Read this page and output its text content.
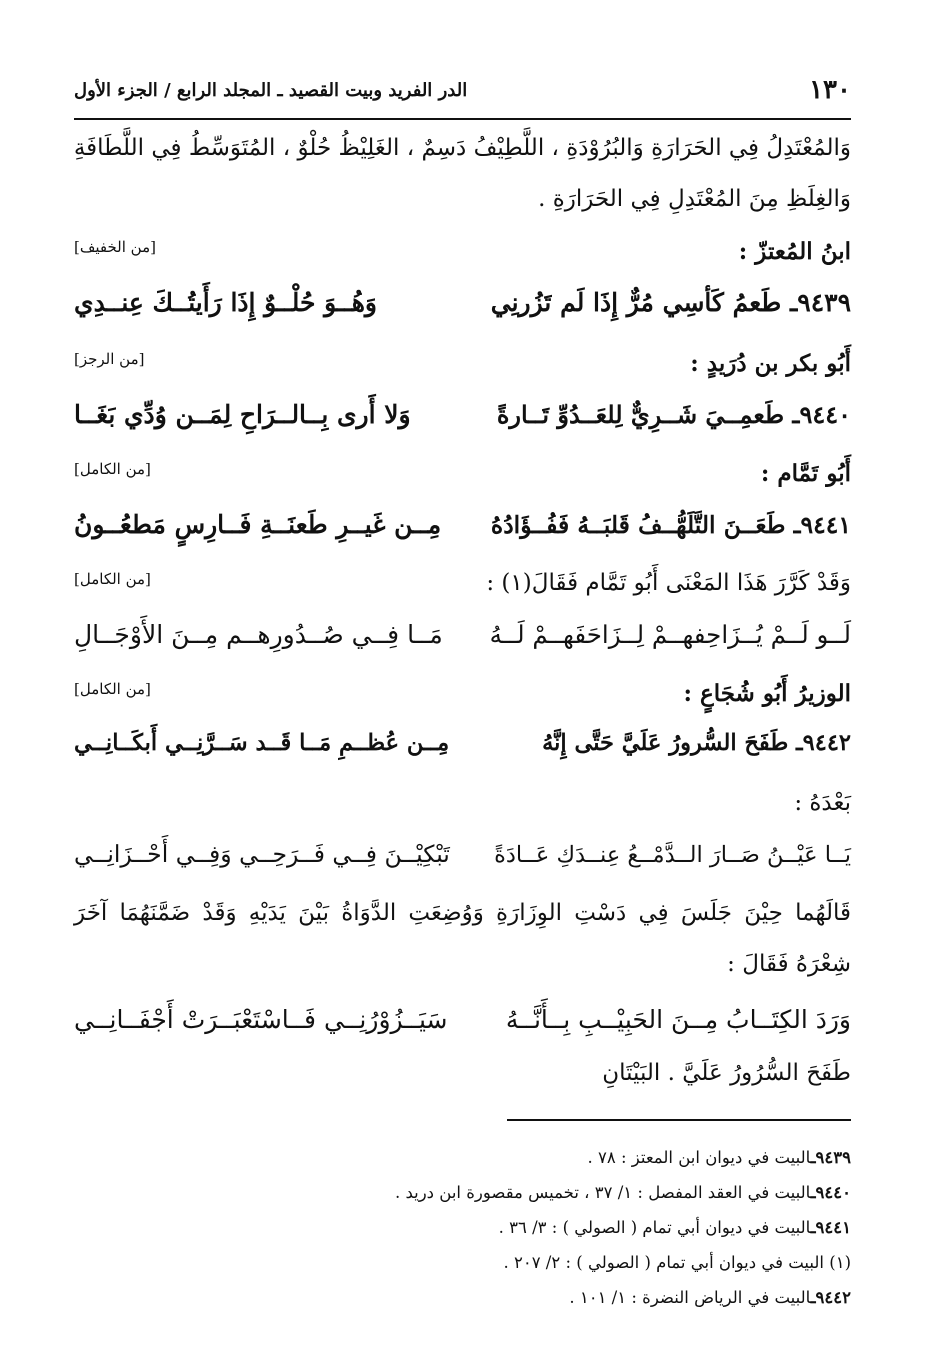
١٣٠
الدر الفريد وبيت القصيد ـ المجلد الرابع / الجزء الأول
وَالمُعْتَدِلُ فِي الحَرَارَةِ وَالبُرُوْدَةِ ، اللَّطِيْفُ دَسِمٌ ، الغَلِيْظُ حُلْوٌ ، المُتَوَسِّطُ فِي اللَّطَافَةِ
وَالغِلَظِ مِنَ المُعْتَدِلِ فِي الحَرَارَةِ .
ابنُ المُعتزّ :
[من الخفيف]
٩٤٣٩ـ طَعمُ كَأسِي مُرٌّ إِذَا لَم تَزُرنِي
وَهُــوَ حُلْــوٌ إِذَا رَأَيتُــكَ عِنــدِي
أَبُو بكر بن دُرَيدٍ :
[من الرجز]
٩٤٤٠ـ طَعمِــيَ شَــرِيٌّ لِلعَــدُوِّ تَــارةً
وَلا أَرى بِــالــرَاحِ لِمَــن وُدِّي بَغَــا
أَبُو تَمَّام :
[من الكامل]
٩٤٤١ـ طَعَــنَ التَّلَهُّــفُ قَلبَــهُ فَفُــؤَادُهُ
مِــن غَيــرِ طَعنَــةِ فَــارِسٍ مَطعُــونُ
وَقَدْ كَرَّرَ هَذَا المَعْنَى أَبُو تَمَّام فَقَالَ(١) :
[من الكامل]
لَــو لَــمْ يُــزَاحِفهــمْ لِــزَاحَفَهــمْ لَــهُ
مَــا فِــي صُــدُورِهــم مِــنَ الأَوْجَــالِ
الوزيرُ أَبُو شُجَاعٍ :
[من الكامل]
٩٤٤٢ـ طَفَحَ السُّرورُ عَلَيَّ حَتَّى إِنَّهُ
مِــن عُظــمِ مَــا قَــد سَــرَّنِــي أَبكَــانِــي
بَعْدَهُ :
يَــا عَيْــنُ صَــارَ الــدَّمْــعُ عِنــدَكِ عَــادَةً
تَبْكِيْــنَ فِــي فَــرَحِــي وَفِــي أَحْــزَانِــي
قَالَهُما حِيْنَ جَلَسَ فِي دَسْتِ الوِزَارَةِ وَوُضِعَتِ الدَّوَاةُ بَيْنَ يَدَيْهِ وَقَدْ ضَمَّنَهُمَا آخَرَ
شِعْرَهُ فَقَالَ :
وَرَدَ الكِتَــابُ مِــنَ الحَبِيْــبِ بِــأَنَّــهُ
سَيَــزُوْرُنِــي فَــاسْتَعْبَــرَتْ أَجْفَــانِــي
طَفَحَ السُّرُورُ عَلَيَّ . البَيْتَانِ
٩٤٣٩ـالبيت في ديوان ابن المعتز : ٧٨ .
٩٤٤٠ـالبيت في العقد المفصل : ١/ ٣٧ ، تخميس مقصورة ابن دريد .
٩٤٤١ـالبيت في ديوان أبي تمام ( الصولي ) : ٣/ ٣٦ .
(١) البيت في ديوان أبي تمام ( الصولي ) : ٢/ ٢٠٧ .
٩٤٤٢ـالبيت في الرياض النضرة : ١/ ١٠١ .
